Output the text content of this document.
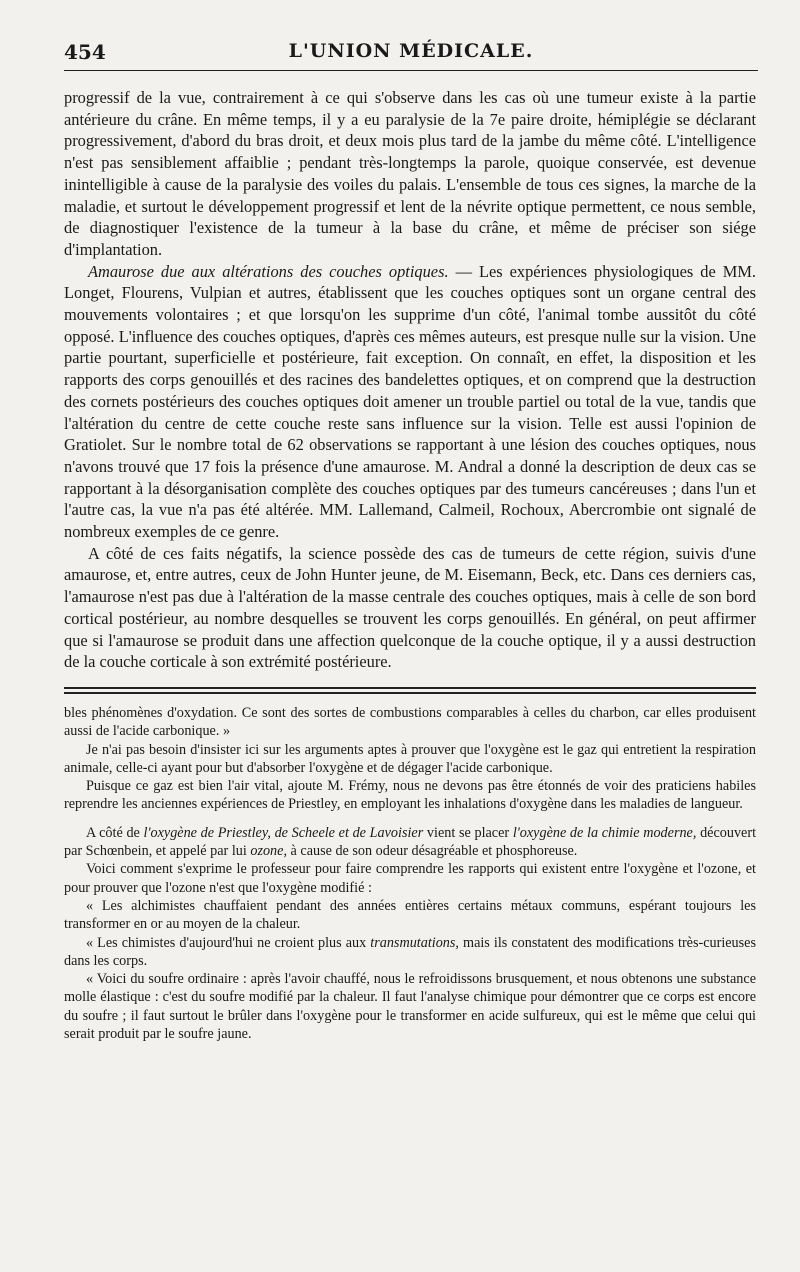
454	L'UNION MÉDICALE.

progressif de la vue, contrairement à ce qui s'observe dans les cas où une tumeur existe à la partie antérieure du crâne. En même temps, il y a eu paralysie de la 7e paire droite, hémiplégie se déclarant progressivement, d'abord du bras droit, et deux mois plus tard de la jambe du même côté. L'intelligence n'est pas sensiblement affaiblie ; pendant très-longtemps la parole, quoique conservée, est devenue inintelligible à cause de la paralysie des voiles du palais. L'ensemble de tous ces signes, la marche de la maladie, et surtout le développement progressif et lent de la névrite optique permettent, ce nous semble, de diagnostiquer l'existence de la tumeur à la base du crâne, et même de préciser son siége d'implantation.

Amaurose due aux altérations des couches optiques. — Les expériences physiologiques de MM. Longet, Flourens, Vulpian et autres, établissent que les couches optiques sont un organe central des mouvements volontaires ; et que lorsqu'on les supprime d'un côté, l'animal tombe aussitôt du côté opposé. L'influence des couches optiques, d'après ces mêmes auteurs, est presque nulle sur la vision. Une partie pourtant, superficielle et postérieure, fait exception. On connaît, en effet, la disposition et les rapports des corps genouillés et des racines des bandelettes optiques, et on comprend que la destruction des cornets postérieurs des couches optiques doit amener un trouble partiel ou total de la vue, tandis que l'altération du centre de cette couche reste sans influence sur la vision. Telle est aussi l'opinion de Gratiolet. Sur le nombre total de 62 observations se rapportant à une lésion des couches optiques, nous n'avons trouvé que 17 fois la présence d'une amaurose. M. Andral a donné la description de deux cas se rapportant à la désorganisation complète des couches optiques par des tumeurs cancéreuses ; dans l'un et l'autre cas, la vue n'a pas été altérée. MM. Lallemand, Calmeil, Rochoux, Abercrombie ont signalé de nombreux exemples de ce genre.

A côté de ces faits négatifs, la science possède des cas de tumeurs de cette région, suivis d'une amaurose, et, entre autres, ceux de John Hunter jeune, de M. Eisemann, Beck, etc. Dans ces derniers cas, l'amaurose n'est pas due à l'altération de la masse centrale des couches optiques, mais à celle de son bord cortical postérieur, au nombre desquelles se trouvent les corps genouillés. En général, on peut affirmer que si l'amaurose se produit dans une affection quelconque de la couche optique, il y a aussi destruction de la couche corticale à son extrémité postérieure.

bles phénomènes d'oxydation. Ce sont des sortes de combustions comparables à celles du charbon, car elles produisent aussi de l'acide carbonique. »

Je n'ai pas besoin d'insister ici sur les arguments aptes à prouver que l'oxygène est le gaz qui entretient la respiration animale, celle-ci ayant pour but d'absorber l'oxygène et de dégager l'acide carbonique.

Puisque ce gaz est bien l'air vital, ajoute M. Frémy, nous ne devons pas être étonnés de voir des praticiens habiles reprendre les anciennes expériences de Priestley, en employant les inhalations d'oxygène dans les maladies de langueur.

A côté de l'oxygène de Priestley, de Scheele et de Lavoisier vient se placer l'oxygène de la chimie moderne, découvert par Schœnbein, et appelé par lui ozone, à cause de son odeur désagréable et phosphoreuse.

Voici comment s'exprime le professeur pour faire comprendre les rapports qui existent entre l'oxygène et l'ozone, et pour prouver que l'ozone n'est que l'oxygène modifié :

« Les alchimistes chauffaient pendant des années entières certains métaux communs, espérant toujours les transformer en or au moyen de la chaleur.

« Les chimistes d'aujourd'hui ne croient plus aux transmutations, mais ils constatent des modifications très-curieuses dans les corps.

« Voici du soufre ordinaire : après l'avoir chauffé, nous le refroidissons brusquement, et nous obtenons une substance molle élastique : c'est du soufre modifié par la chaleur. Il faut l'analyse chimique pour démontrer que ce corps est encore du soufre ; il faut surtout le brûler dans l'oxygène pour le transformer en acide sulfureux, qui est le même que celui qui serait produit par le soufre jaune.
